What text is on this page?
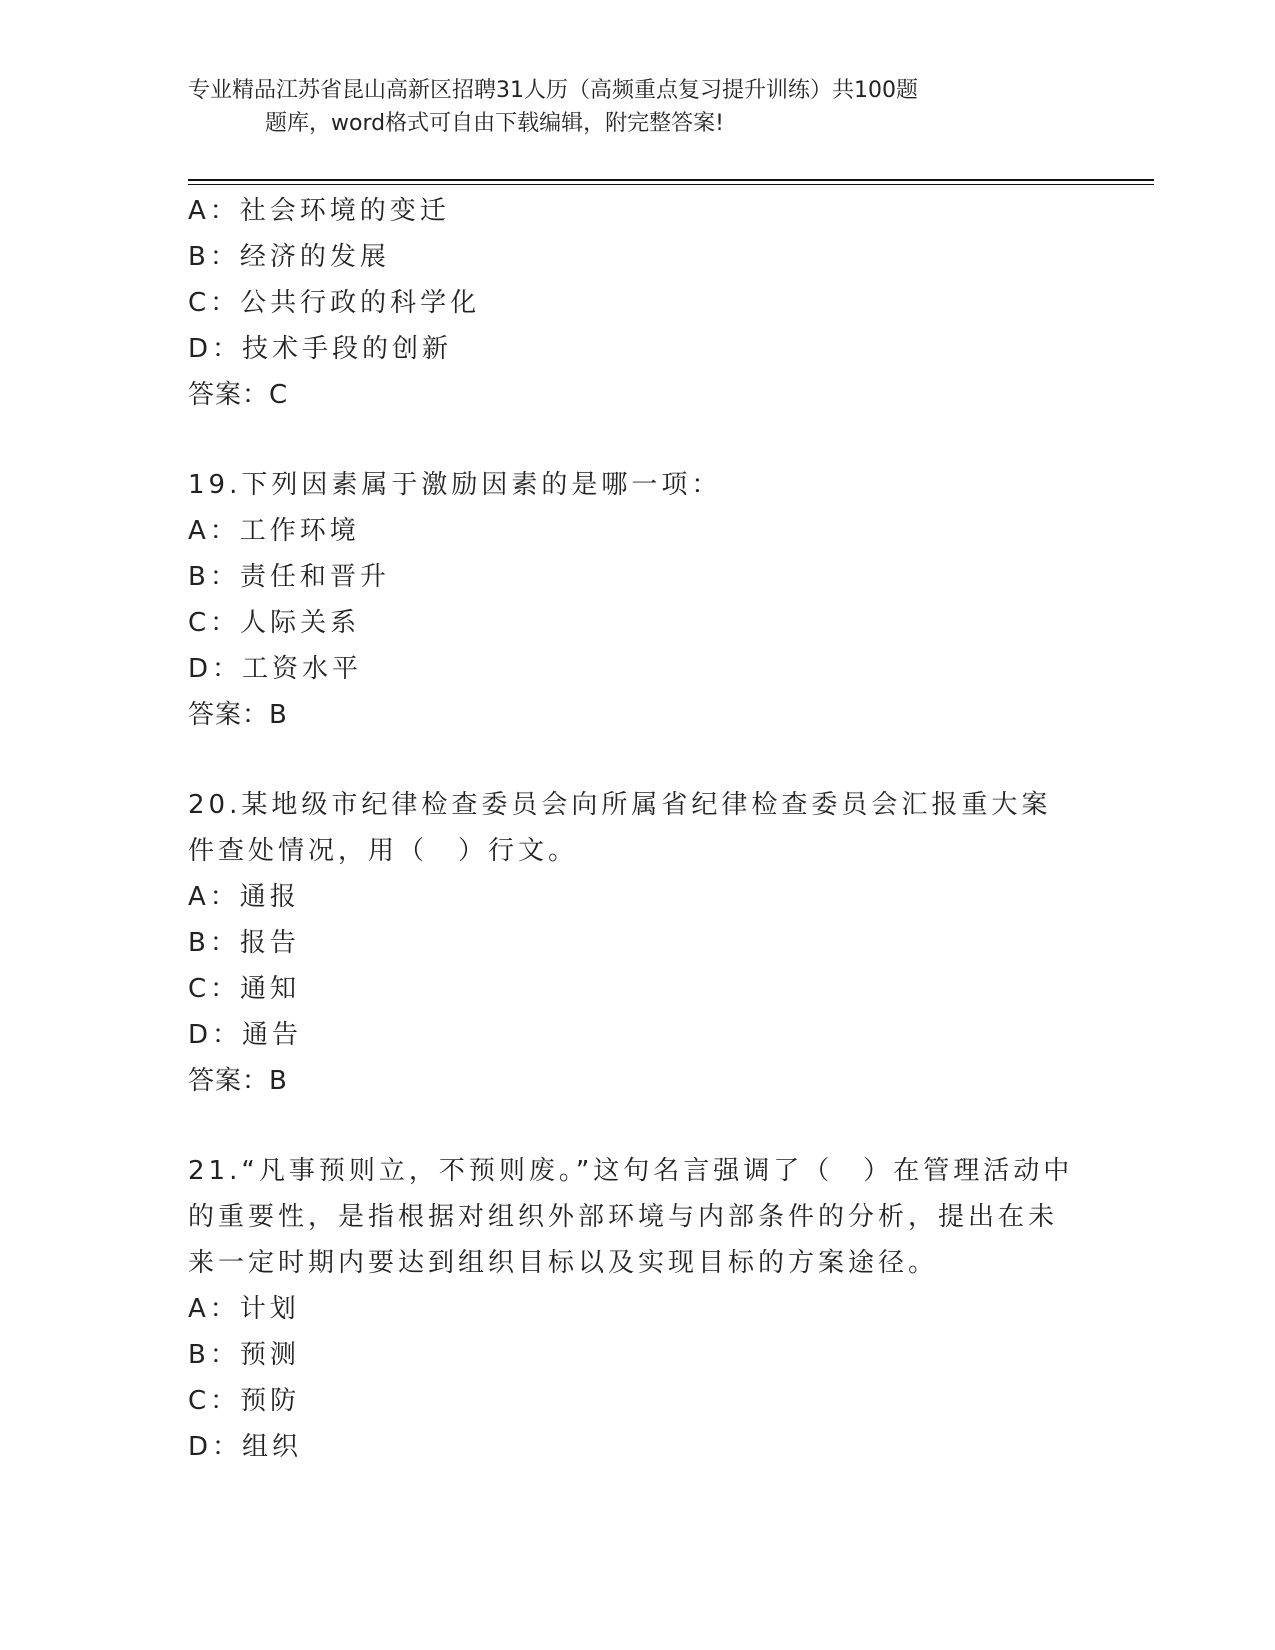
专业精品江苏省昆山高新区招聘31人历（高频重点复习提升训练）共100题
题库，word格式可自由下载编辑，附完整答案!
A：社会环境的变迁
B：经济的发展
C：公共行政的科学化
D：技术手段的创新
答案：C
19.下列因素属于激励因素的是哪一项：
A：工作环境
B：责任和晋升
C：人际关系
D：工资水平
答案：B
20.某地级市纪律检查委员会向所属省纪律检查委员会汇报重大案件查处情况，用（　）行文。
A：通报
B：报告
C：通知
D：通告
答案：B
21.“凡事预则立，不预则废。”这句名言强调了（　）在管理活动中的重要性，是指根据对组织外部环境与内部条件的分析，提出在未来一定时期内要达到组织目标以及实现目标的方案途径。
A：计划
B：预测
C：预防
D：组织
